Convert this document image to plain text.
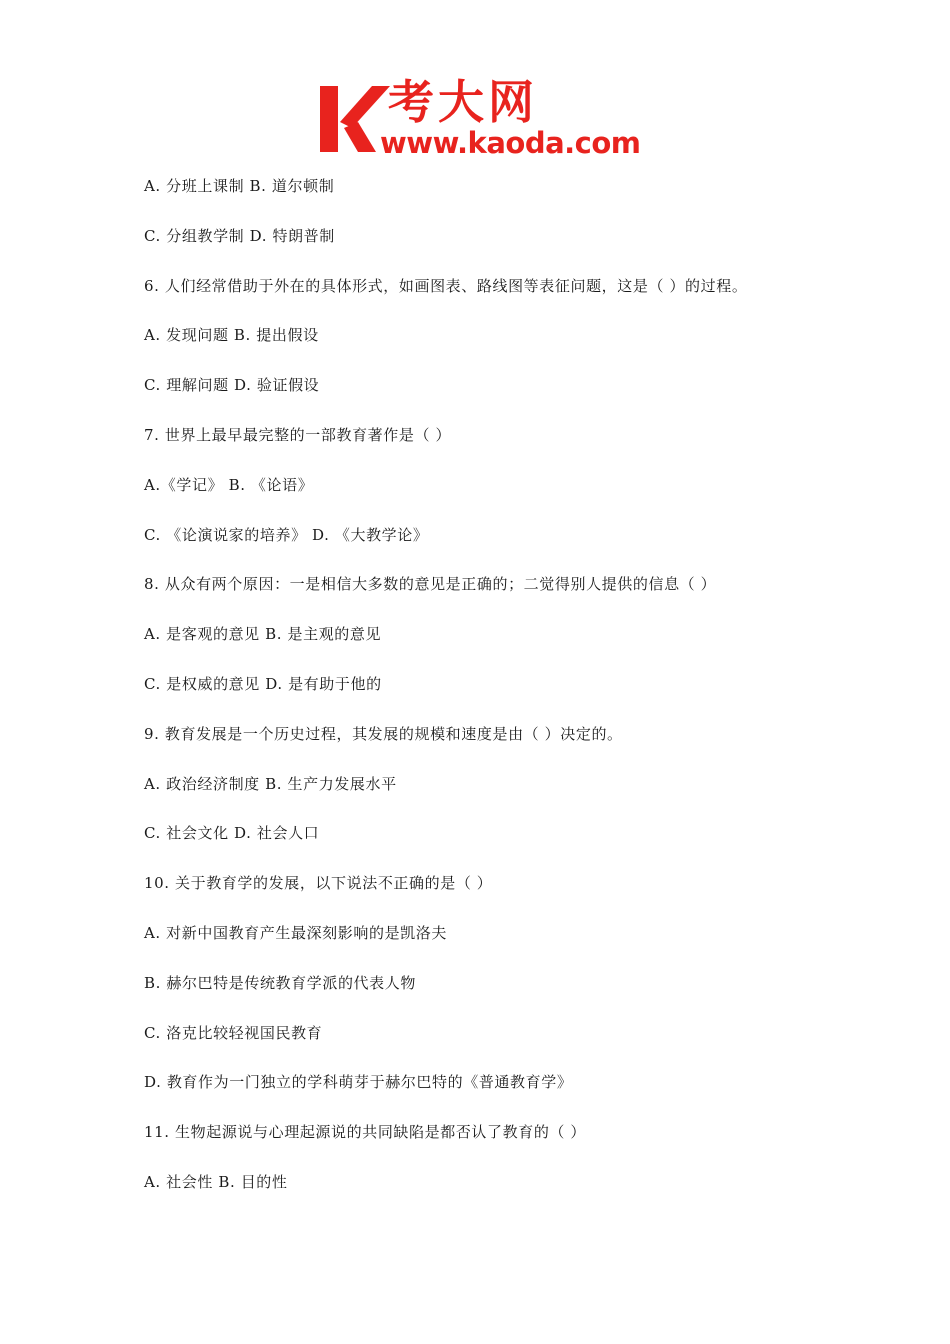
考大网
www.kaoda.com
A. 分班上课制 B. 道尔顿制
C. 分组教学制 D. 特朗普制
6. 人们经常借助于外在的具体形式，如画图表、路线图等表征问题，这是（ ）的过程。
A. 发现问题 B. 提出假设
C. 理解问题 D. 验证假设
7. 世界上最早最完整的一部教育著作是（ ）
A.《学记》 B. 《论语》
C. 《论演说家的培养》 D. 《大教学论》
8. 从众有两个原因：一是相信大多数的意见是正确的；二觉得别人提供的信息（ ）
A. 是客观的意见 B. 是主观的意见
C. 是权威的意见 D. 是有助于他的
9. 教育发展是一个历史过程，其发展的规模和速度是由（ ）决定的。
A. 政治经济制度 B. 生产力发展水平
C. 社会文化 D. 社会人口
10. 关于教育学的发展，以下说法不正确的是（ ）
A. 对新中国教育产生最深刻影响的是凯洛夫
B. 赫尔巴特是传统教育学派的代表人物
C. 洛克比较轻视国民教育
D. 教育作为一门独立的学科萌芽于赫尔巴特的《普通教育学》
11. 生物起源说与心理起源说的共同缺陷是都否认了教育的（ ）
A. 社会性 B. 目的性
